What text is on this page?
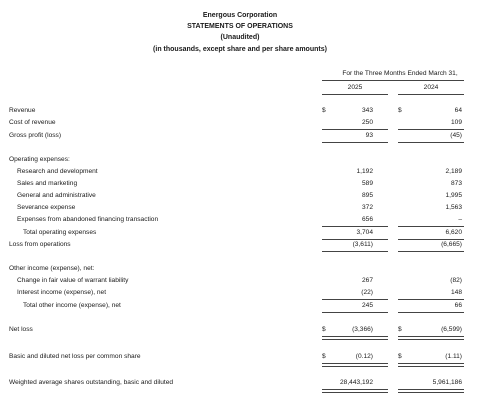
Energous Corporation
STATEMENTS OF OPERATIONS
(Unaudited)
(in thousands, except share and per share amounts)
For the Three Months Ended March 31,
2025	2024
Revenue	$	343	$	64
Cost of revenue	250	109
Gross profit (loss)	93	(45)
Operating expenses:
Research and development	1,192	2,189
Sales and marketing	589	873
General and administrative	895	1,995
Severance expense	372	1,563
Expenses from abandoned financing transaction	656	–
Total operating expenses	3,704	6,620
Loss from operations	(3,611)	(6,665)
Other income (expense), net:
Change in fair value of warrant liability	267	(82)
Interest income (expense), net	(22)	148
Total other income (expense), net	245	66
Net loss	$	(3,366)	$	(6,599)
Basic and diluted net loss per common share	$	(0.12)	$	(1.11)
Weighted average shares outstanding, basic and diluted	28,443,192	5,961,186
